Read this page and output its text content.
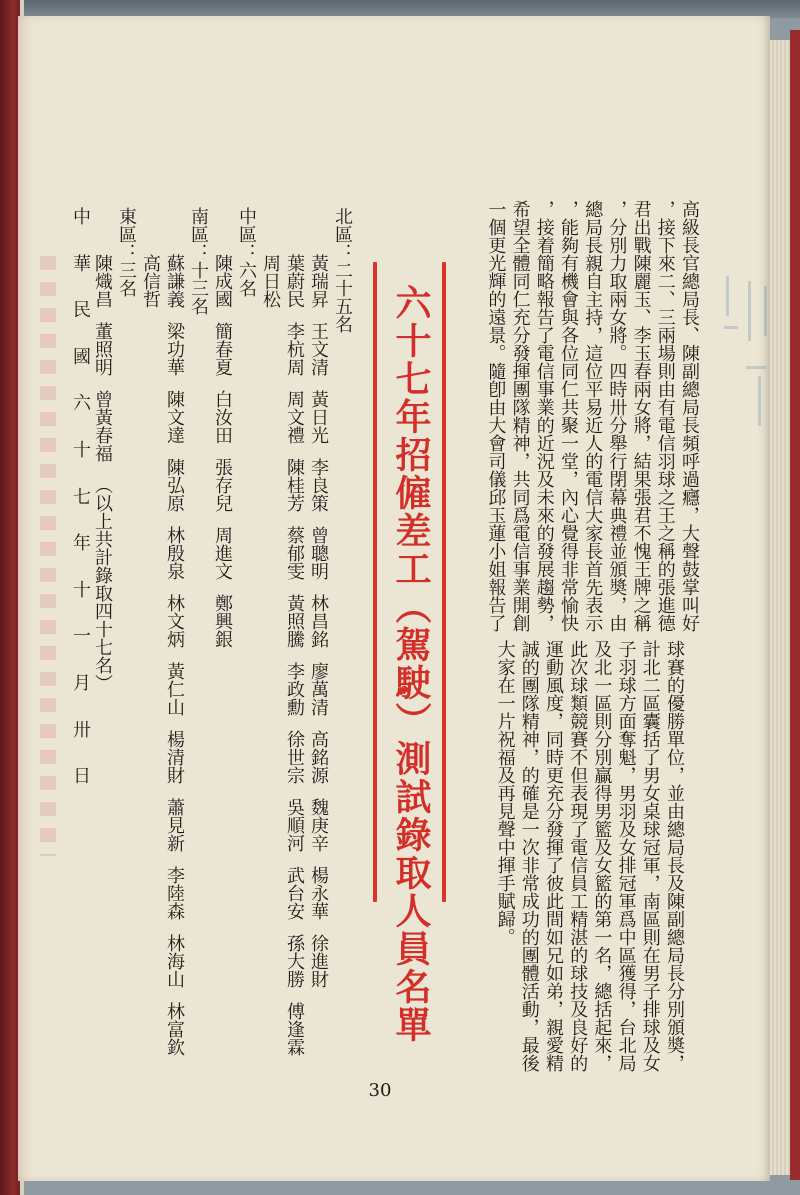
六十七年招僱差工（駕駛）測試錄取人員名單
中華民國六十七年十一月卅日
30
高級長官總局長、陳副總局長頻呼過癮，大聲鼓掌叫好
，接下來二、三兩場則由有電信羽球之王之稱的張進德
君出戰陳麗玉、李玉春兩女將，結果張君不愧王牌之稱
，分別力取兩女將。四時卅分舉行閉幕典禮並頒奬，由
總局長親自主持，這位平易近人的電信大家長首先表示
，能夠有機會與各位同仁共聚一堂，內心覺得非常愉快
，接着簡略報告了電信事業的近況及未來的發展趨勢，
希望全體同仁充分發揮團隊精神，共同爲電信事業開創
一個更光輝的遠景。隨卽由大會司儀邱玉蓮小姐報告了
球賽的優勝單位，並由總局長及陳副總局長分別頒奬，
計北二區囊括了男女桌球冠軍，南區則在男子排球及女
子羽球方面奪魁，男羽及女排冠軍爲中區獲得，台北局
及北一區則分別贏得男籃及女籃的第一名，總括起來，
此次球類競賽不但表現了電信員工精湛的球技及良好的
運動風度，同時更充分發揮了彼此間如兄如弟，親愛精
誠的團隊精神，的確是一次非常成功的團體活動，最後
大家在一片祝福及再見聲中揮手賦歸。
北區：二十五名
黃瑞昇王文清黃日光李良策曾聰明林昌銘廖萬清高銘源魏庚辛楊永華徐進財
葉蔚民李杭周周文禮陳桂芳蔡郁雯黃照騰李政勳徐世宗吳順河武台安孫大勝傅逢霖
周日松
中區：六名
陳成國簡春夏白汝田張存兒周進文鄭興銀
南區：十三名
蘇謙義梁功華陳文達陳弘原林殷泉林文炳黃仁山楊清財蕭見新李陸森林海山林富欽
高信哲
東區：三名
陳熾昌董照明曾黃春福（以上共計錄取四十七名）
